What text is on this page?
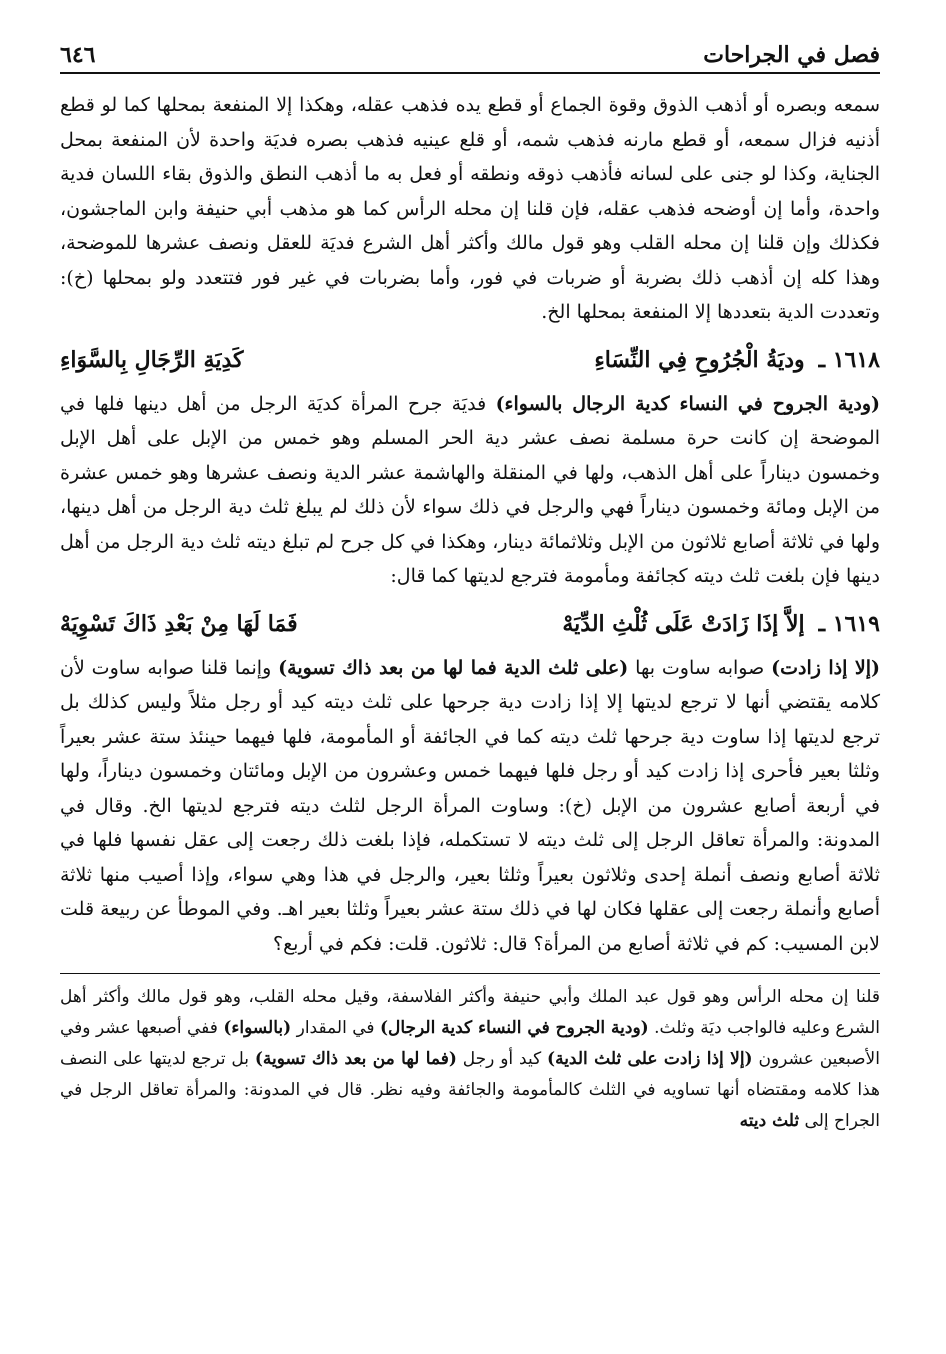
فصل في الجراحات
٦٤٦

سمعه وبصره أو أذهب الذوق وقوة الجماع أو قطع يده فذهب عقله، وهكذا إلا المنفعة بمحلها كما لو قطع أذنيه فزال سمعه، أو قطع مارنه فذهب شمه، أو قلع عينيه فذهب بصره فديَة واحدة لأن المنفعة بمحل الجناية، وكذا لو جنى على لسانه فأذهب ذوقه ونطقه أو فعل به ما أذهب النطق والذوق بقاء اللسان فدية واحدة، وأما إن أوضحه فذهب عقله، فإن قلنا إن محله الرأس كما هو مذهب أبي حنيفة وابن الماجشون، فكذلك وإن قلنا إن محله القلب وهو قول مالك وأكثر أهل الشرع فديَة للعقل ونصف عشرها للموضحة، وهذا كله إن أذهب ذلك بضربة أو ضربات في فور، وأما بضربات في غير فور فتتعدد ولو بمحلها (خ): وتعددت الدية بتعددها إلا المنفعة بمحلها الخ.

١٦١٨ ـ
وديَةُ الْجُرُوحِ فِي النِّسَاءِ
كَدِيَةِ الرِّجَالِ بِالسَّوَاءِ

(ودية الجروح في النساء كدية الرجال بالسواء) فديَة جرح المرأة كديَة الرجل من أهل دينها فلها في الموضحة إن كانت حرة مسلمة نصف عشر دية الحر المسلم وهو خمس من الإبل على أهل الإبل وخمسون ديناراً على أهل الذهب، ولها في المنقلة والهاشمة عشر الدية ونصف عشرها وهو خمس عشرة من الإبل ومائة وخمسون ديناراً فهي والرجل في ذلك سواء لأن ذلك لم يبلغ ثلث دية الرجل من أهل دينها، ولها في ثلاثة أصابع ثلاثون من الإبل وثلاثمائة دينار، وهكذا في كل جرح لم تبلغ ديته ثلث دية الرجل من أهل دينها فإن بلغت ثلث ديته كجائفة ومأمومة فترجع لديتها كما قال:

١٦١٩ ـ
إلاَّ إذَا زَادَتْ عَلَى ثُلْثِ الدِّيَهْ
فَمَا لَهَا مِنْ بَعْدِ ذَاكَ تَسْوِيَهْ

(إلا إذا زادت) صوابه ساوت بها (على ثلث الدية فما لها من بعد ذاك تسوية) وإنما قلنا صوابه ساوت لأن كلامه يقتضي أنها لا ترجع لديتها إلا إذا زادت دية جرحها على ثلث ديته كيد أو رجل مثلاً وليس كذلك بل ترجع لديتها إذا ساوت دية جرحها ثلث ديته كما في الجائفة أو المأمومة، فلها فيهما حينئذ ستة عشر بعيراً وثلثا بعير فأحرى إذا زادت كيد أو رجل فلها فيهما خمس وعشرون من الإبل ومائتان وخمسون ديناراً، ولها في أربعة أصابع عشرون من الإبل (خ): وساوت المرأة الرجل لثلث ديته فترجع لديتها الخ. وقال في المدونة: والمرأة تعاقل الرجل إلى ثلث ديته لا تستكمله، فإذا بلغت ذلك رجعت إلى عقل نفسها فلها في ثلاثة أصابع ونصف أنملة إحدى وثلاثون بعيراً وثلثا بعير، والرجل في هذا وهي سواء، وإذا أصيب منها ثلاثة أصابع وأنملة رجعت إلى عقلها فكان لها في ذلك ستة عشر بعيراً وثلثا بعير اهـ. وفي الموطأ عن ربيعة قلت لابن المسيب: كم في ثلاثة أصابع من المرأة؟ قال: ثلاثون. قلت: فكم في أربع؟

قلنا إن محله الرأس وهو قول عبد الملك وأبي حنيفة وأكثر الفلاسفة، وقيل محله القلب، وهو قول مالك وأكثر أهل الشرع وعليه فالواجب ديَة وثلث. (ودية الجروح في النساء كدية الرجال) في المقدار (بالسواء) ففي أصبعها عشر وفي الأصبعين عشرون (إلا إذا زادت على ثلث الدية) كيد أو رجل (فما لها من بعد ذاك تسوية) بل ترجع لديتها على النصف هذا كلامه ومقتضاه أنها تساويه في الثلث كالمأمومة والجائفة وفيه نظر. قال في المدونة: والمرأة تعاقل الرجل في الجراح إلى ثلث ديته
